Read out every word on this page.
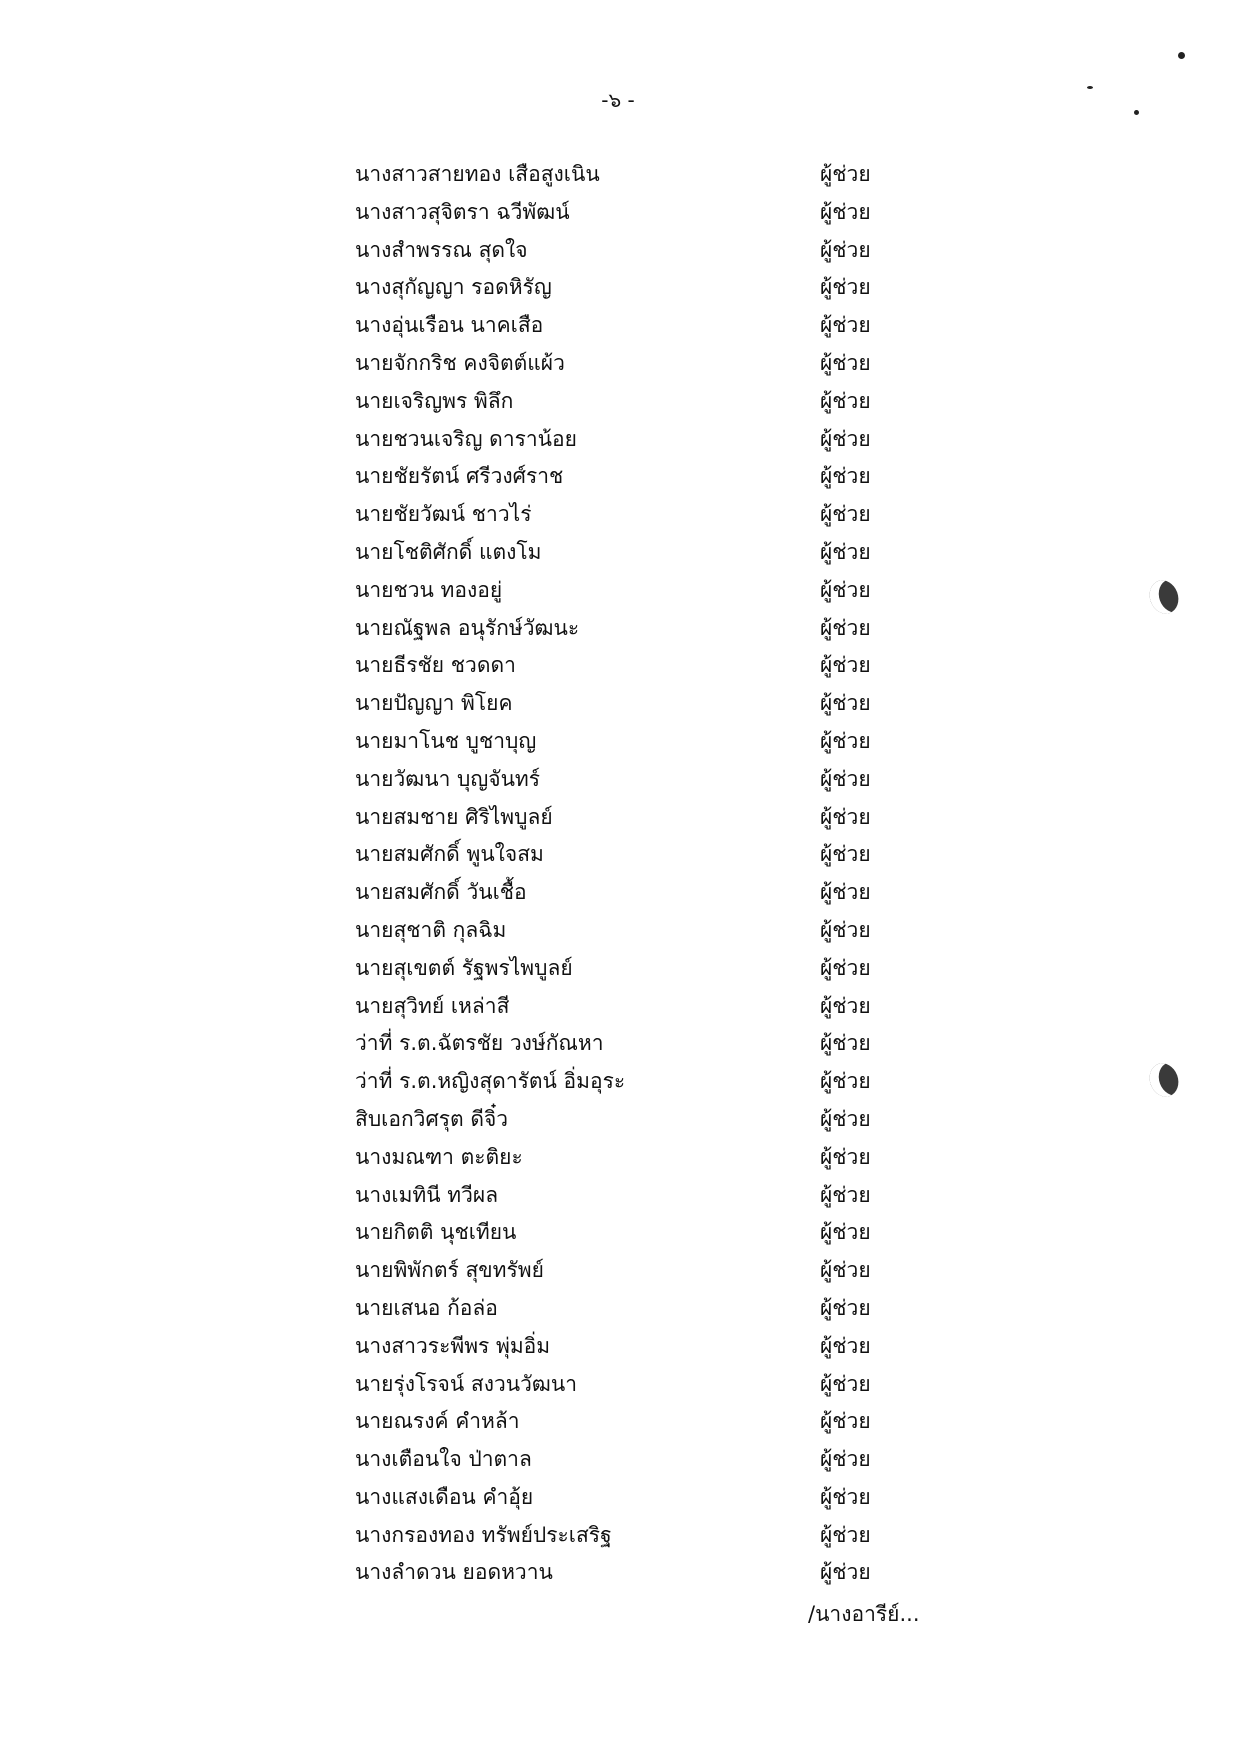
-๖ -
นางสาวสายทอง เสือสูงเนิน	ผู้ช่วย
นางสาวสุจิตรา ฉวีพัฒน์	ผู้ช่วย
นางสำพรรณ สุดใจ	ผู้ช่วย
นางสุกัญญา รอดหิรัญ	ผู้ช่วย
นางอุ่นเรือน นาคเสือ	ผู้ช่วย
นายจักกริช คงจิตต์แผ้ว	ผู้ช่วย
นายเจริญพร พิลึก	ผู้ช่วย
นายชวนเจริญ ดาราน้อย	ผู้ช่วย
นายชัยรัตน์ ศรีวงศ์ราช	ผู้ช่วย
นายชัยวัฒน์ ชาวไร่	ผู้ช่วย
นายโชติศักดิ์ แตงโม	ผู้ช่วย
นายชวน ทองอยู่	ผู้ช่วย
นายณัฐพล อนุรักษ์วัฒนะ	ผู้ช่วย
นายธีรชัย ชวดดา	ผู้ช่วย
นายปัญญา พิโยค	ผู้ช่วย
นายมาโนช บูชาบุญ	ผู้ช่วย
นายวัฒนา บุญจันทร์	ผู้ช่วย
นายสมชาย ศิริไพบูลย์	ผู้ช่วย
นายสมศักดิ์ พูนใจสม	ผู้ช่วย
นายสมศักดิ์ วันเชื้อ	ผู้ช่วย
นายสุชาติ กุลฉิม	ผู้ช่วย
นายสุเขตต์ รัฐพรไพบูลย์	ผู้ช่วย
นายสุวิทย์ เหล่าสี	ผู้ช่วย
ว่าที่ ร.ต.ฉัตรชัย วงษ์กัณหา	ผู้ช่วย
ว่าที่ ร.ต.หญิงสุดารัตน์ อิ่มอุระ	ผู้ช่วย
สิบเอกวิศรุต ดีจิ๋ว	ผู้ช่วย
นางมณฑา ตะติยะ	ผู้ช่วย
นางเมทินี ทวีผล	ผู้ช่วย
นายกิตติ นุชเทียน	ผู้ช่วย
นายพิพักตร์ สุขทรัพย์	ผู้ช่วย
นายเสนอ ก้อล่อ	ผู้ช่วย
นางสาวระพีพร พุ่มอิ่ม	ผู้ช่วย
นายรุ่งโรจน์ สงวนวัฒนา	ผู้ช่วย
นายณรงค์ คำหล้า	ผู้ช่วย
นางเตือนใจ ป่าตาล	ผู้ช่วย
นางแสงเดือน คำอุ้ย	ผู้ช่วย
นางกรองทอง ทรัพย์ประเสริฐ	ผู้ช่วย
นางลำดวน ยอดหวาน	ผู้ช่วย
/นางอารีย์...
